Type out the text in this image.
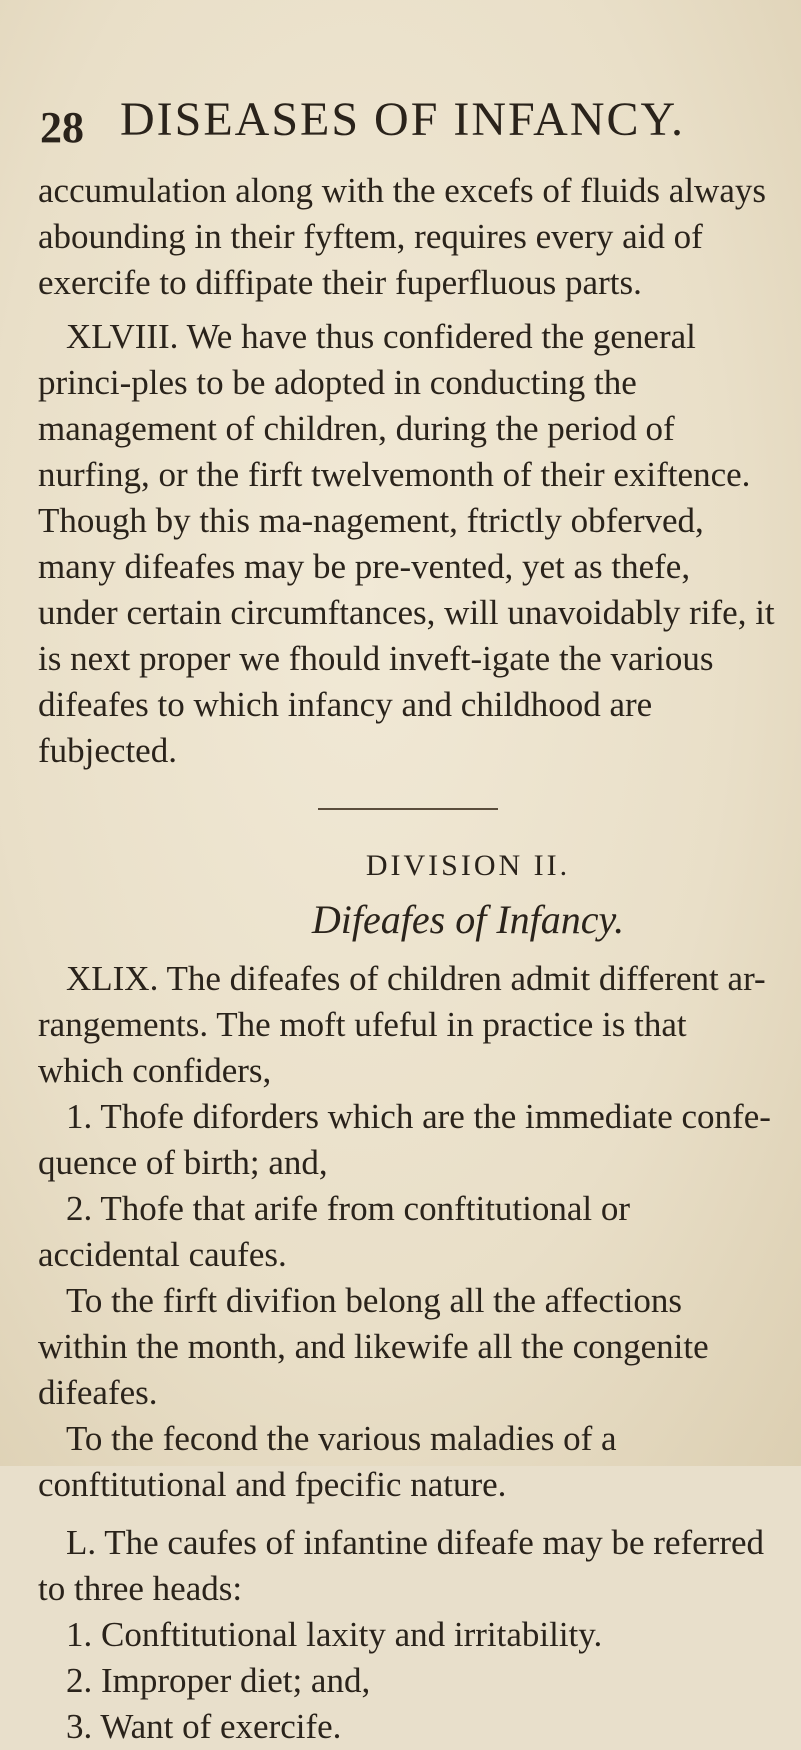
28 DISEASES OF INFANCY.

accumulation along with the excefs of fluids always abounding in their fyftem, requires every aid of exercife to diffipate their fuperfluous parts.

XLVIII. We have thus confidered the general princi-ples to be adopted in conducting the management of children, during the period of nurfing, or the firft twelvemonth of their exiftence. Though by this ma-nagement, ftrictly obferved, many difeafes may be pre-vented, yet as thefe, under certain circumftances, will unavoidably rife, it is next proper we fhould inveft-igate the various difeafes to which infancy and childhood are fubjected.

DIVISION II.
Difeafes of Infancy.

XLIX. The difeafes of children admit different ar-rangements. The moft ufeful in practice is that which confiders,

1. Thofe diforders which are the immediate confe-quence of birth; and,

2. Thofe that arife from conftitutional or accidental caufes.

To the firft divifion belong all the affections within the month, and likewife all the congenite difeafes.

To the fecond the various maladies of a conftitutional and fpecific nature.

L. The caufes of infantine difeafe may be referred to three heads:

1. Conftitutional laxity and irritability.

2. Improper diet; and,

3. Want of exercife.
